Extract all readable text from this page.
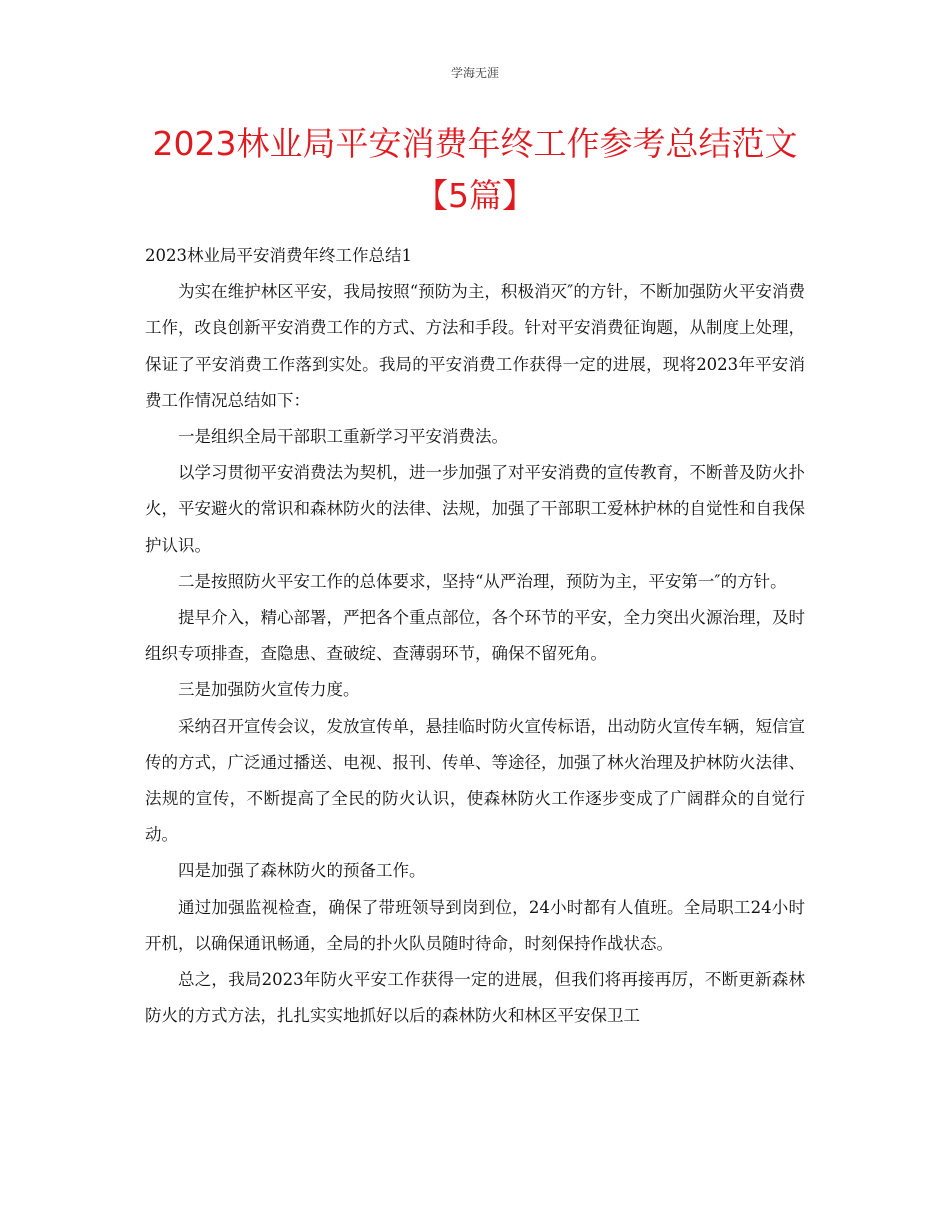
学海无涯
2023林业局平安消费年终工作参考总结范文
【5篇】

2023林业局平安消费年终工作总结1

为实在维护林区平安，我局按照“预防为主，积极消灭″的方针，不断加强防火平安消费工作，改良创新平安消费工作的方式、方法和手段。针对平安消费征询题，从制度上处理，保证了平安消费工作落到实处。我局的平安消费工作获得一定的进展，现将2023年平安消费工作情况总结如下：

一是组织全局干部职工重新学习平安消费法。

以学习贯彻平安消费法为契机，进一步加强了对平安消费的宣传教育，不断普及防火扑火，平安避火的常识和森林防火的法律、法规，加强了干部职工爱林护林的自觉性和自我保护认识。

二是按照防火平安工作的总体要求，坚持“从严治理，预防为主，平安第一″的方针。

提早介入，精心部署，严把各个重点部位，各个环节的平安，全力突出火源治理，及时组织专项排查，查隐患、查破绽、查薄弱环节，确保不留死角。

三是加强防火宣传力度。

采纳召开宣传会议，发放宣传单，悬挂临时防火宣传标语，出动防火宣传车辆，短信宣传的方式，广泛通过播送、电视、报刊、传单、等途径，加强了林火治理及护林防火法律、法规的宣传，不断提高了全民的防火认识，使森林防火工作逐步变成了广阔群众的自觉行动。

四是加强了森林防火的预备工作。

通过加强监视检查，确保了带班领导到岗到位，24小时都有人值班。全局职工24小时开机，以确保通讯畅通，全局的扑火队员随时待命，时刻保持作战状态。

总之，我局2023年防火平安工作获得一定的进展，但我们将再接再厉，不断更新森林防火的方式方法，扎扎实实地抓好以后的森林防火和林区平安保卫工
